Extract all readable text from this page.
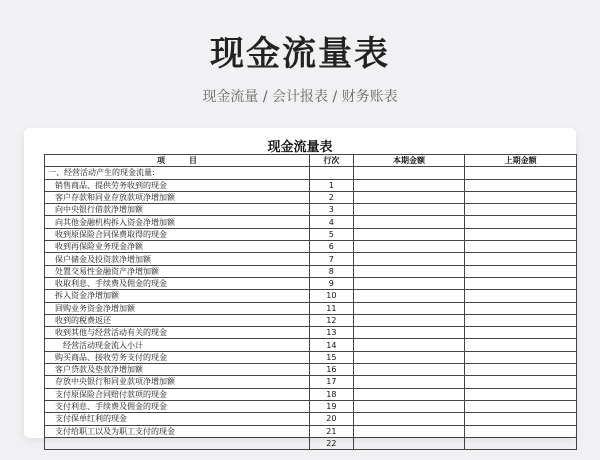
现金流量表
现金流量 / 会计报表 / 财务账表
现金流量表
项　　　目	行次	本期金额	上期金额
一、经营活动产生的现金流量:			
销售商品、提供劳务收到的现金	1		
客户存款和同业存放款项净增加额	2		
向中央银行借款净增加额	3		
向其他金融机构拆入资金净增加额	4		
收到原保险合同保费取得的现金	5		
收到再保险业务现金净额	6		
保户储金及投资款净增加额	7		
处置交易性金融资产净增加额	8		
收取利息、手续费及佣金的现金	9		
拆入资金净增加额	10		
回购业务资金净增加额	11		
收到的税费返还	12		
收到其他与经营活动有关的现金	13		
经营活动现金流入小计	14		
购买商品、接收劳务支付的现金	15		
客户贷款及垫款净增加额	16		
存放中央银行和同业款项净增加额	17		
支付原保险合同赔付款项的现金	18		
支付利息、手续费及佣金的现金	19		
支付保单红利的现金	20		
支付给职工以及为职工支付的现金	21		
	22		
